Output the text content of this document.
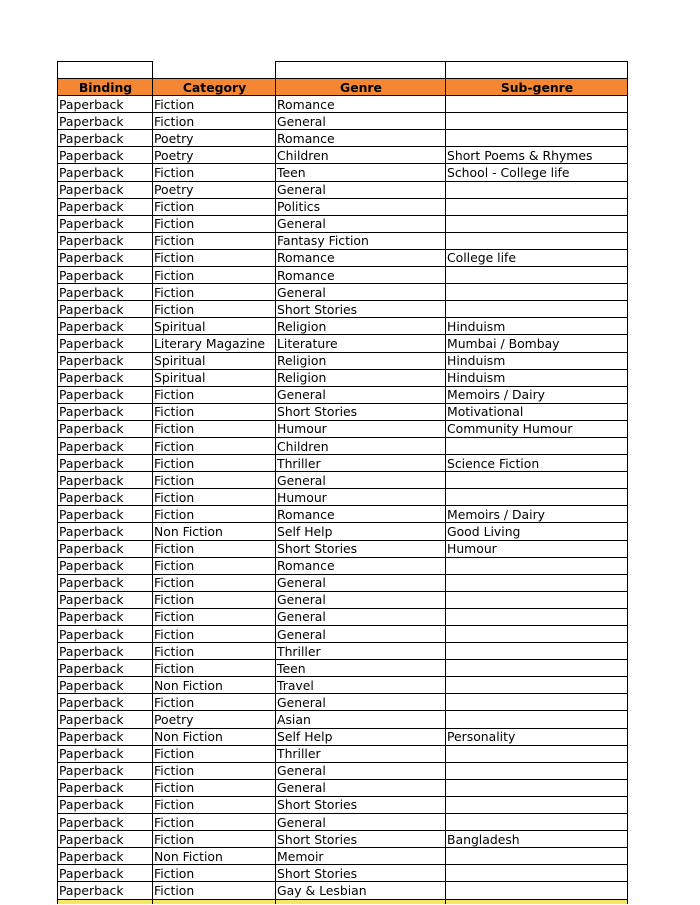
Binding	Category	Genre	Sub-genre
Paperback	Fiction	Romance	
Paperback	Fiction	General	
Paperback	Poetry	Romance	
Paperback	Poetry	Children	Short Poems & Rhymes
Paperback	Fiction	Teen	School - College life
Paperback	Poetry	General	
Paperback	Fiction	Politics	
Paperback	Fiction	General	
Paperback	Fiction	Fantasy Fiction	
Paperback	Fiction	Romance	College life
Paperback	Fiction	Romance	
Paperback	Fiction	General	
Paperback	Fiction	Short Stories	
Paperback	Spiritual	Religion	Hinduism
Paperback	Literary Magazine	Literature	Mumbai / Bombay
Paperback	Spiritual	Religion	Hinduism
Paperback	Spiritual	Religion	Hinduism
Paperback	Fiction	General	Memoirs / Dairy
Paperback	Fiction	Short Stories	Motivational
Paperback	Fiction	Humour	Community Humour
Paperback	Fiction	Children	
Paperback	Fiction	Thriller	Science Fiction
Paperback	Fiction	General	
Paperback	Fiction	Humour	
Paperback	Fiction	Romance	Memoirs / Dairy
Paperback	Non Fiction	Self Help	Good Living
Paperback	Fiction	Short Stories	Humour
Paperback	Fiction	Romance	
Paperback	Fiction	General	
Paperback	Fiction	General	
Paperback	Fiction	General	
Paperback	Fiction	General	
Paperback	Fiction	Thriller	
Paperback	Fiction	Teen	
Paperback	Non Fiction	Travel	
Paperback	Fiction	General	
Paperback	Poetry	Asian	
Paperback	Non Fiction	Self Help	Personality
Paperback	Fiction	Thriller	
Paperback	Fiction	General	
Paperback	Fiction	General	
Paperback	Fiction	Short Stories	
Paperback	Fiction	General	
Paperback	Fiction	Short Stories	Bangladesh
Paperback	Non Fiction	Memoir	
Paperback	Fiction	Short Stories	
Paperback	Fiction	Gay & Lesbian	
